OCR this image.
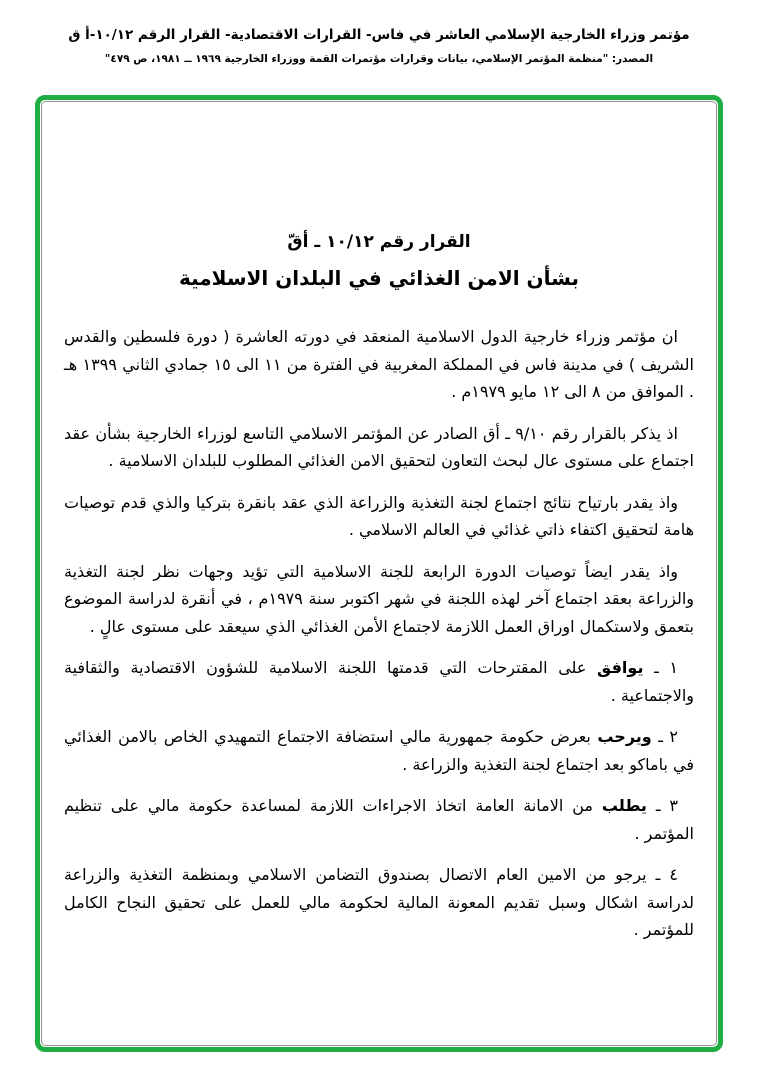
مؤتمر وزراء الخارجية الإسلامي العاشر في فاس- القرارات الاقتصادية- القرار الرقم ١٠/١٢-أ ق
المصدر: "منظمة المؤتمر الإسلامي، بيانات وقرارات مؤتمرات القمة ووزراء الخارجية ١٩٦٩ ــ ١٩٨١، ص ٤٧٩"
القرار رقم ١٠/١٢ ـ أقّ
بشأن الامن الغذائي في البلدان الاسلامية

ان مؤتمر وزراء خارجية الدول الاسلامية المنعقد في دورته العاشرة ( دورة فلسطين والقدس الشريف ) في مدينة فاس في المملكة المغربية في الفترة من ١١ الى ١٥ جمادي الثاني ١٣٩٩ هـ . الموافق من ٨ الى ١٢ مايو ١٩٧٩م .

اذ يذكر بالقرار رقم ٩/١٠ ـ أق الصادر عن المؤتمر الاسلامي التاسع لوزراء الخارجية بشأن عقد اجتماع على مستوى عال لبحث التعاون لتحقيق الامن الغذائي المطلوب للبلدان الاسلامية .

واذ يقدر بارتياح نتائج اجتماع لجنة التغذية والزراعة الذي عقد بانقرة بتركيا والذي قدم توصيات هامة لتحقيق اكتفاء ذاتي غذائي في العالم الاسلامي .

واذ يقدر ايضاً توصيات الدورة الرابعة للجنة الاسلامية التي تؤيد وجهات نظر لجنة التغذية والزراعة بعقد اجتماع آخر لهذه اللجنة في شهر اكتوبر سنة ١٩٧٩م ، في أنقرة لدراسة الموضوع بتعمق ولاستكمال اوراق العمل اللازمة لاجتماع الأمن الغذائي الذي سيعقد على مستوى عالٍ .

١ ـ يوافق على المقترحات التي قدمتها اللجنة الاسلامية للشؤون الاقتصادية والثقافية والاجتماعية .

٢ ـ ويرحب بعرض حكومة جمهورية مالي استضافة الاجتماع التمهيدي الخاص بالامن الغذائي في باماكو بعد اجتماع لجنة التغذية والزراعة .

٣ ـ يطلب من الامانة العامة اتخاذ الاجراءات اللازمة لمساعدة حكومة مالي على تنظيم المؤتمر .

٤ ـ يرجو من الامين العام الاتصال بصندوق التضامن الاسلامي وبمنظمة التغذية والزراعة لدراسة اشكال وسبل تقديم المعونة المالية لحكومة مالي للعمل على تحقيق النجاح الكامل للمؤتمر .
